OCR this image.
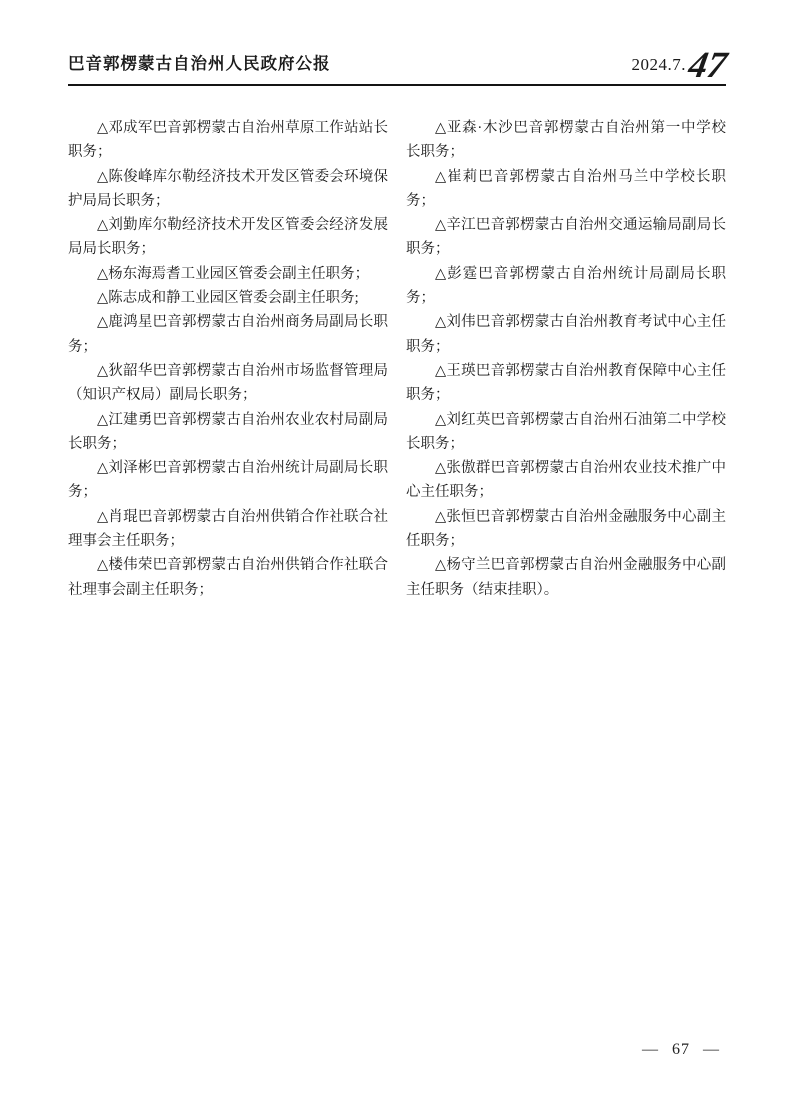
巴音郭楞蒙古自治州人民政府公报	2024.7. 47

△邓成军巴音郭楞蒙古自治州草原工作站站长职务；

△陈俊峰库尔勒经济技术开发区管委会环境保护局局长职务；

△刘勤库尔勒经济技术开发区管委会经济发展局局长职务；

△杨东海焉耆工业园区管委会副主任职务；

△陈志成和静工业园区管委会副主任职务;

△鹿鸿星巴音郭楞蒙古自治州商务局副局长职务；

△狄韶华巴音郭楞蒙古自治州市场监督管理局（知识产权局）副局长职务；

△江建勇巴音郭楞蒙古自治州农业农村局副局长职务；

△刘泽彬巴音郭楞蒙古自治州统计局副局长职务；

△肖琨巴音郭楞蒙古自治州供销合作社联合社理事会主任职务；

△楼伟荣巴音郭楞蒙古自治州供销合作社联合社理事会副主任职务；

△亚森·木沙巴音郭楞蒙古自治州第一中学校长职务；

△崔莉巴音郭楞蒙古自治州马兰中学校长职务；

△辛江巴音郭楞蒙古自治州交通运输局副局长职务；

△彭霆巴音郭楞蒙古自治州统计局副局长职务；

△刘伟巴音郭楞蒙古自治州教育考试中心主任职务；

△王瑛巴音郭楞蒙古自治州教育保障中心主任职务；

△刘红英巴音郭楞蒙古自治州石油第二中学校长职务；

△张傲群巴音郭楞蒙古自治州农业技术推广中心主任职务；

△张恒巴音郭楞蒙古自治州金融服务中心副主任职务；

△杨守兰巴音郭楞蒙古自治州金融服务中心副主任职务（结束挂职）。

— 67 —
